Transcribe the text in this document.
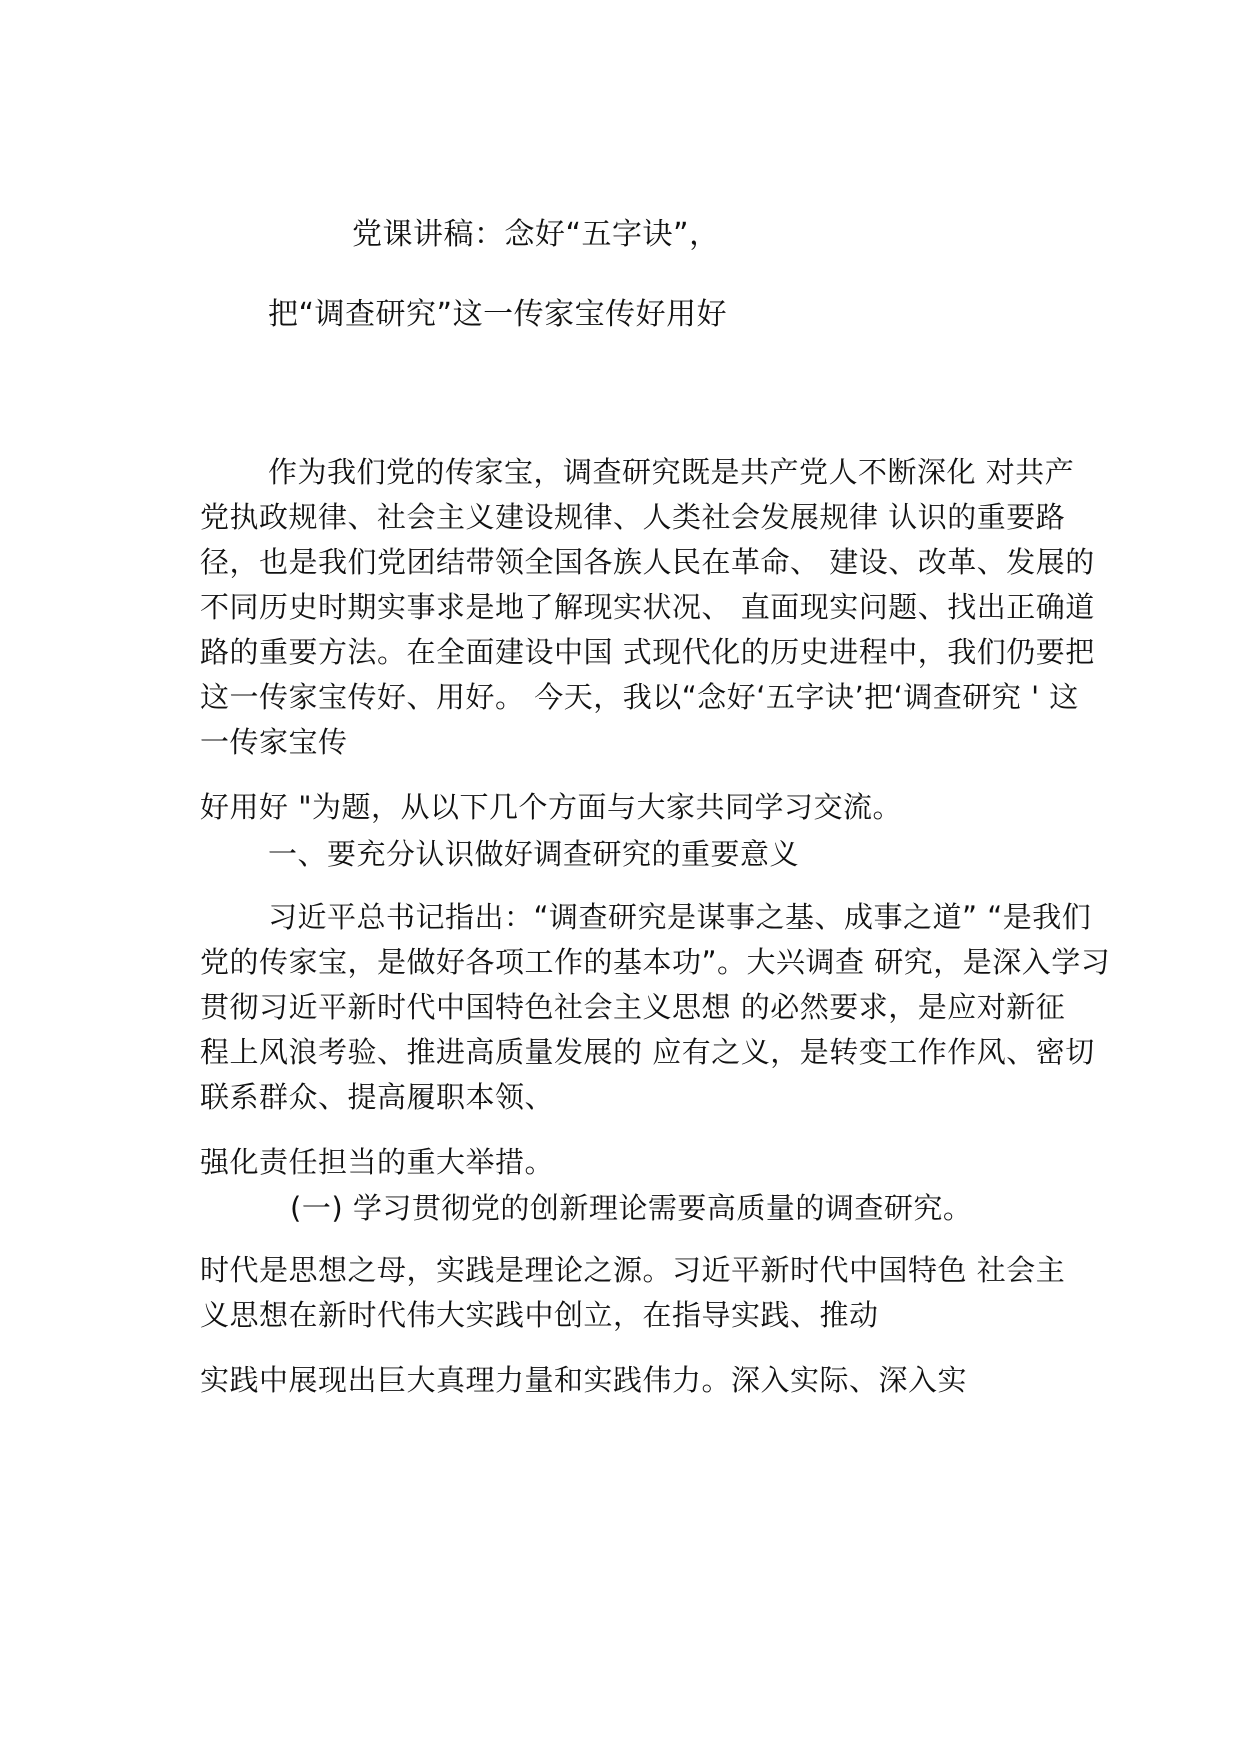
党课讲稿：念好“五字诀”，
把“调查研究”这一传家宝传好用好
作为我们党的传家宝，调查研究既是共产党人不断深化 对共产
党执政规律、社会主义建设规律、人类社会发展规律 认识的重要路
径，也是我们党团结带领全国各族人民在革命、 建设、改革、发展的
不同历史时期实事求是地了解现实状况、 直面现实问题、找出正确道
路的重要方法。在全面建设中国 式现代化的历史进程中，我们仍要把
这一传家宝传好、用好。 今天，我以“念好‘五字诀’把‘调查研究 ' 这
一传家宝传
好用好 "为题，从以下几个方面与大家共同学习交流。
一、要充分认识做好调查研究的重要意义
习近平总书记指出：“调查研究是谋事之基、成事之道” “是我们
党的传家宝，是做好各项工作的基本功”。大兴调查 研究，是深入学习
贯彻习近平新时代中国特色社会主义思想 的必然要求，是应对新征
程上风浪考验、推进高质量发展的 应有之义，是转变工作作风、密切
联系群众、提高履职本领、
强化责任担当的重大举措。
(一) 学习贯彻党的创新理论需要高质量的调查研究。
时代是思想之母，实践是理论之源。习近平新时代中国特色 社会主
义思想在新时代伟大实践中创立，在指导实践、推动
实践中展现出巨大真理力量和实践伟力。深入实际、深入实
